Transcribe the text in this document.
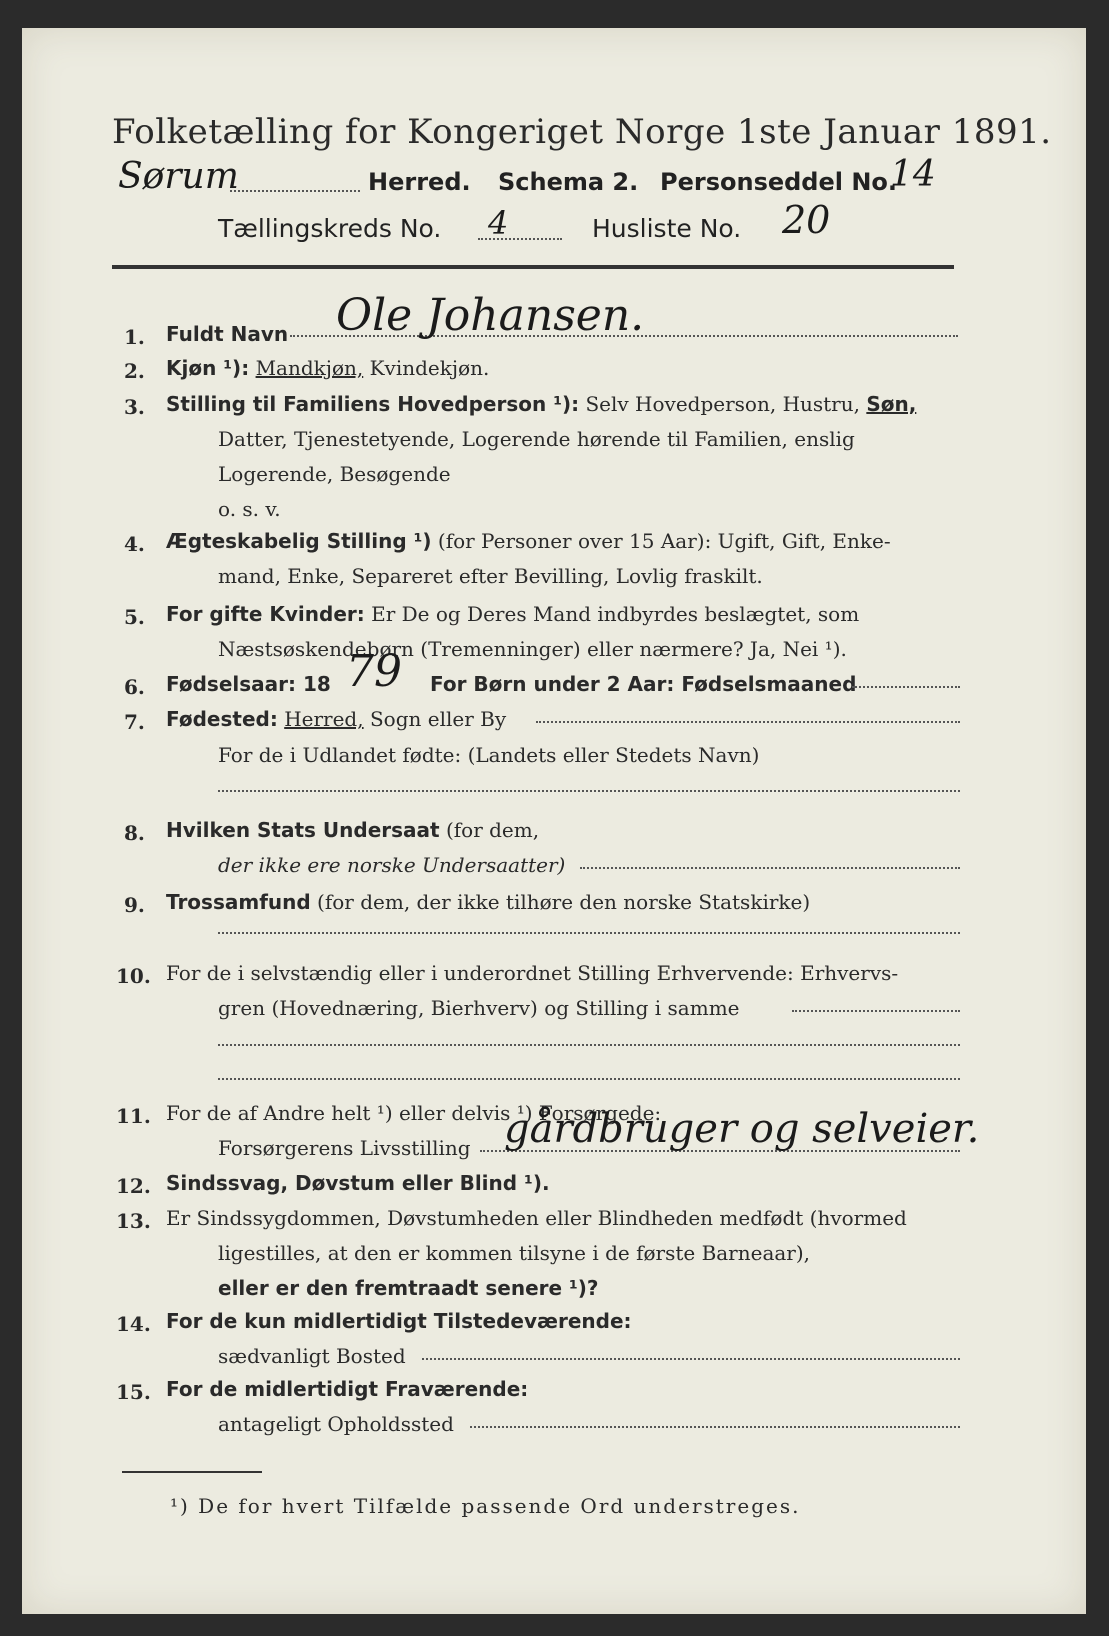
Folketælling for Kongeriget Norge 1ste Januar 1891.
Sørum	Herred. Schema 2. Personseddel No.
14
Tællingskreds No. 4	Husliste No. 20
1. Fuldt Navn Ole Johansen.
2. Kjøn ¹): Mandkjøn, Kvindekjøn.
3. Stilling til Familiens Hovedperson ¹): Selv Hovedperson, Hustru, Søn,
Datter, Tjenestetyende, Logerende hørende til Familien, enslig
Logerende, Besøgende
o. s. v.
4. Ægteskabelig Stilling ¹) (for Personer over 15 Aar): Ugift, Gift, Enke-
mand, Enke, Separeret efter Bevilling, Lovlig fraskilt.
5. For gifte Kvinder: Er De og Deres Mand indbyrdes beslægtet, som
Næstsøskendebørn (Tremenninger) eller nærmere? Ja, Nei ¹).
6. Fødselsaar: 18 79 For Børn under 2 Aar: Fødselsmaaned
7. Fødested: Herred, Sogn eller By
For de i Udlandet fødte: (Landets eller Stedets Navn)
8. Hvilken Stats Undersaat (for dem,
der ikke ere norske Undersaatter)
9. Trossamfund (for dem, der ikke tilhøre den norske Statskirke)
10. For de i selvstændig eller i underordnet Stilling Erhvervende: Erhvervs-
gren (Hovednæring, Bierhverv) og Stilling i samme
11. For de af Andre helt ¹) eller delvis ¹) Forsørgede:
Forsørgerens Livsstilling gårdbruger og selveier.
12. Sindssvag, Døvstum eller Blind ¹).
13. Er Sindssygdommen, Døvstumheden eller Blindheden medfødt (hvormed
ligestilles, at den er kommen tilsyne i de første Barneaar),
eller er den fremtraadt senere ¹)?
14. For de kun midlertidigt Tilstedeværende:
sædvanligt Bosted
15. For de midlertidigt Fraværende:
antageligt Opholdssted
¹) De for hvert Tilfælde passende Ord understreges.
